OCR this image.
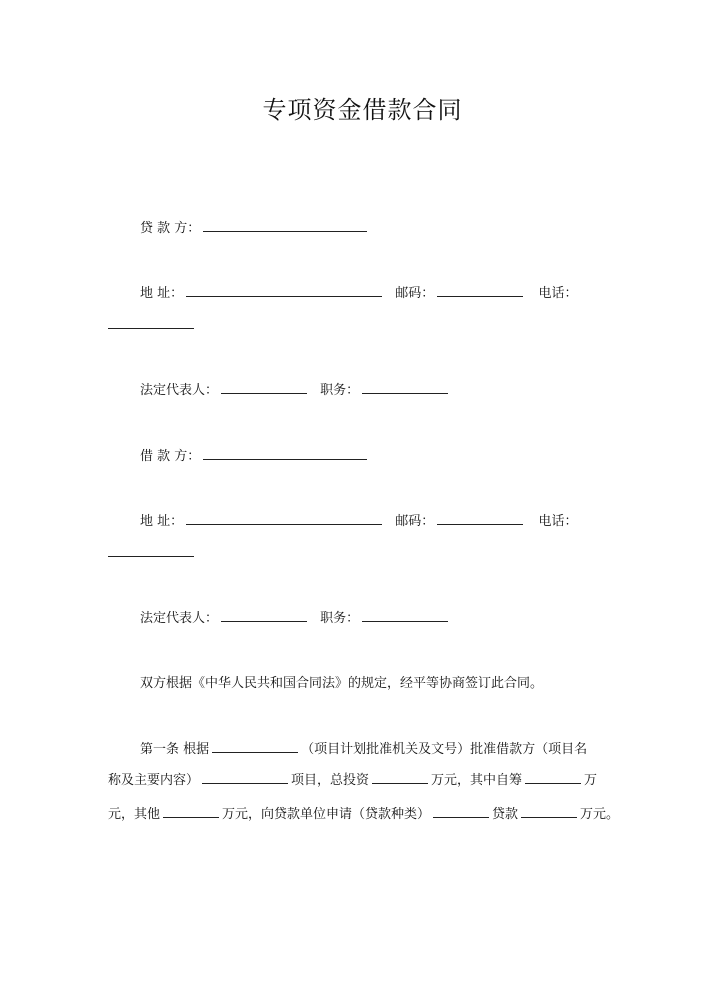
专项资金借款合同
贷 款 方：
地 址：	邮码：	电话：
法定代表人：	职务：
借 款 方：
地 址：	邮码：	电话：
法定代表人：	职务：
双方根据《中华人民共和国合同法》的规定，经平等协商签订此合同。
第一条 根据	（项目计划批准机关及文号）批准借款方（项目名
称及主要内容）	项目，总投资	万元，其中自筹	万
元，其他	万元，向贷款单位申请（贷款种类）	贷款	万元。
